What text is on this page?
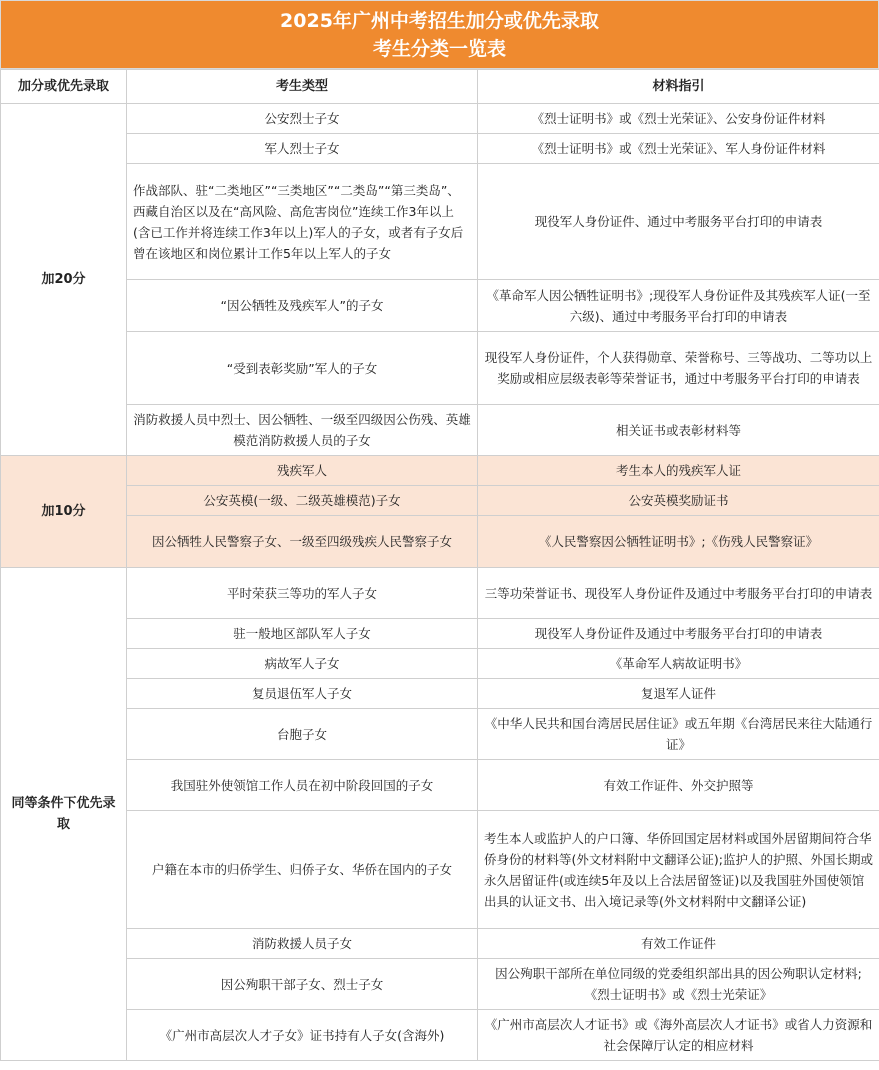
2025年广州中考招生加分或优先录取
考生分类一览表
加分或优先录取	考生类型	材料指引
加20分	公安烈士子女	《烈士证明书》或《烈士光荣证》、公安身份证件材料
	军人烈士子女	《烈士证明书》或《烈士光荣证》、军人身份证件材料
	作战部队、驻“二类地区”“三类地区”“二类岛”“第三类岛”、西藏自治区以及在“高风险、高危害岗位”连续工作3年以上(含已工作并将连续工作3年以上)军人的子女，或者有子女后曾在该地区和岗位累计工作5年以上军人的子女	现役军人身份证件、通过中考服务平台打印的申请表
	“因公牺牲及残疾军人”的子女	《革命军人因公牺牲证明书》;现役军人身份证件及其残疾军人证(一至六级)、通过中考服务平台打印的申请表
	“受到表彰奖励”军人的子女	现役军人身份证件，个人获得勋章、荣誉称号、三等战功、二等功以上奖励或相应层级表彰等荣誉证书，通过中考服务平台打印的申请表
	消防救援人员中烈士、因公牺牲、一级至四级因公伤残、英雄模范消防救援人员的子女	相关证书或表彰材料等
加10分	残疾军人	考生本人的残疾军人证
	公安英模(一级、二级英雄模范)子女	公安英模奖励证书
	因公牺牲人民警察子女、一级至四级残疾人民警察子女	《人民警察因公牺牲证明书》;《伤残人民警察证》
同等条件下优先录取	平时荣获三等功的军人子女	三等功荣誉证书、现役军人身份证件及通过中考服务平台打印的申请表
	驻一般地区部队军人子女	现役军人身份证件及通过中考服务平台打印的申请表
	病故军人子女	《革命军人病故证明书》
	复员退伍军人子女	复退军人证件
	台胞子女	《中华人民共和国台湾居民居住证》或五年期《台湾居民来往大陆通行证》
	我国驻外使领馆工作人员在初中阶段回国的子女	有效工作证件、外交护照等
	户籍在本市的归侨学生、归侨子女、华侨在国内的子女	考生本人或监护人的户口簿、华侨回国定居材料或国外居留期间符合华侨身份的材料等(外文材料附中文翻译公证);监护人的护照、外国长期或永久居留证件(或连续5年及以上合法居留签证)以及我国驻外国使领馆出具的认证文书、出入境记录等(外文材料附中文翻译公证)
	消防救援人员子女	有效工作证件
	因公殉职干部子女、烈士子女	因公殉职干部所在单位同级的党委组织部出具的因公殉职认定材料;《烈士证明书》或《烈士光荣证》
	《广州市高层次人才子女》证书持有人子女(含海外)	《广州市高层次人才证书》或《海外高层次人才证书》或省人力资源和社会保障厅认定的相应材料
